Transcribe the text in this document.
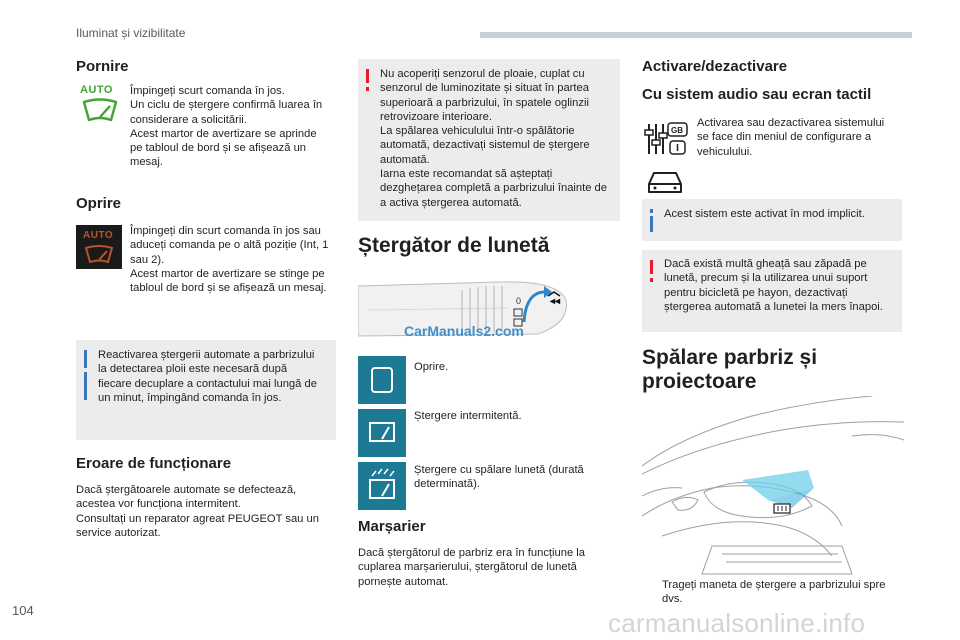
Iluminat și vizibilitate
104
Pornire
AUTO	Împingeți scurt comanda în jos.
Un ciclu de ștergere confirmă luarea în considerare a solicitării.
Acest martor de avertizare se aprinde pe tabloul de bord și se afișează un mesaj.
Oprire
AUTO Împingeți din scurt comanda în jos sau aduceți comanda pe o altă poziție (Int, 1 sau 2).
Acest martor de avertizare se stinge pe tabloul de bord și se afișează un mesaj.
Reactivarea ștergerii automate a parbrizului la detectarea ploii este necesară după fiecare decuplare a contactului mai lungă de un minut, împingând comanda în jos.
Eroare de funcționare
Dacă ștergătoarele automate se defectează, acestea vor funcționa intermitent.
Consultați un reparator agreat PEUGEOT sau un service autorizat.
Nu acoperiți senzorul de ploaie, cuplat cu senzorul de luminozitate și situat în partea superioară a parbrizului, în spatele oglinzii retrovizoare interioare.
La spălarea vehiculului într-o spălătorie automată, dezactivați sistemul de ștergere automată.
Iarna este recomandat să așteptați dezghețarea completă a parbrizului înainte de a activa ștergerea automată.
Ștergător de lunetă
0	◂◂
CarManuals2.com
Oprire.
Ștergere intermitentă.
Ștergere cu spălare lunetă (durată determinată).
Marșarier
Dacă ștergătorul de parbriz era în funcțiune la cuplarea marșarierului, ștergătorul de lunetă pornește automat.
Activare/dezactivare
Cu sistem audio sau ecran tactil
GB
Activarea sau dezactivarea sistemului se face din meniul de configurare a vehiculului.
Acest sistem este activat în mod implicit.
Dacă există multă gheață sau zăpadă pe lunetă, precum și la utilizarea unui suport pentru bicicletă pe hayon, dezactivați ștergerea automată a lunetei la mers înapoi.
Spălare parbriz și
proiectoare
Trageți maneta de ștergere a parbrizului spre dvs.
carmanualsonline.info
